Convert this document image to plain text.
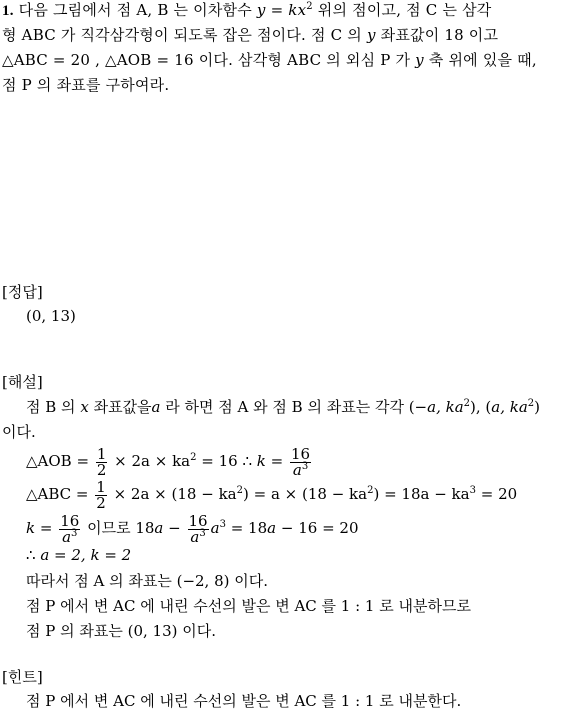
1. 다음 그림에서 점 A, B 는 이차함수 $y = kx^2$ 위의 점이고, 점 C 는 삼각
형 ABC 가 직각삼각형이 되도록 잡은 점이다. 점 C 의 y 좌표값이 18 이고
△ABC = 20 , △AOB = 16 이다. 삼각형 ABC 의 외심 P 가 y 축 위에 있을 때,
점 P 의 좌표를 구하여라.
[정답]
(0, 13)
[해설]
점 B 의 x 좌표값을a 라 하면 점 A 와 점 B 의 좌표는 각각 (−a, $ka^2$), (a, $ka^2$)
이다.
△AOB = $\frac{1}{2} \times 2a \times ka^2 = 16$ ∴ $k = \frac{16}{a^3}$
△ABC = $\frac{1}{2} \times 2a \times (18 - ka^2) = a \times (18 - ka^2) = 18a - ka^3 = 20$
$k = \frac{16}{a^3}$ 이므로 $18a - \frac{16}{a^3} a^3 = 18a - 16 = 20$
∴ a = 2, k = 2
따라서 점 A 의 좌표는 (−2, 8) 이다.
점 P 에서 변 AC 에 내린 수선의 발은 변 AC 를 1 : 1 로 내분하므로
점 P 의 좌표는 (0, 13) 이다.
[힌트]
점 P 에서 변 AC 에 내린 수선의 발은 변 AC 를 1 : 1 로 내분한다.
